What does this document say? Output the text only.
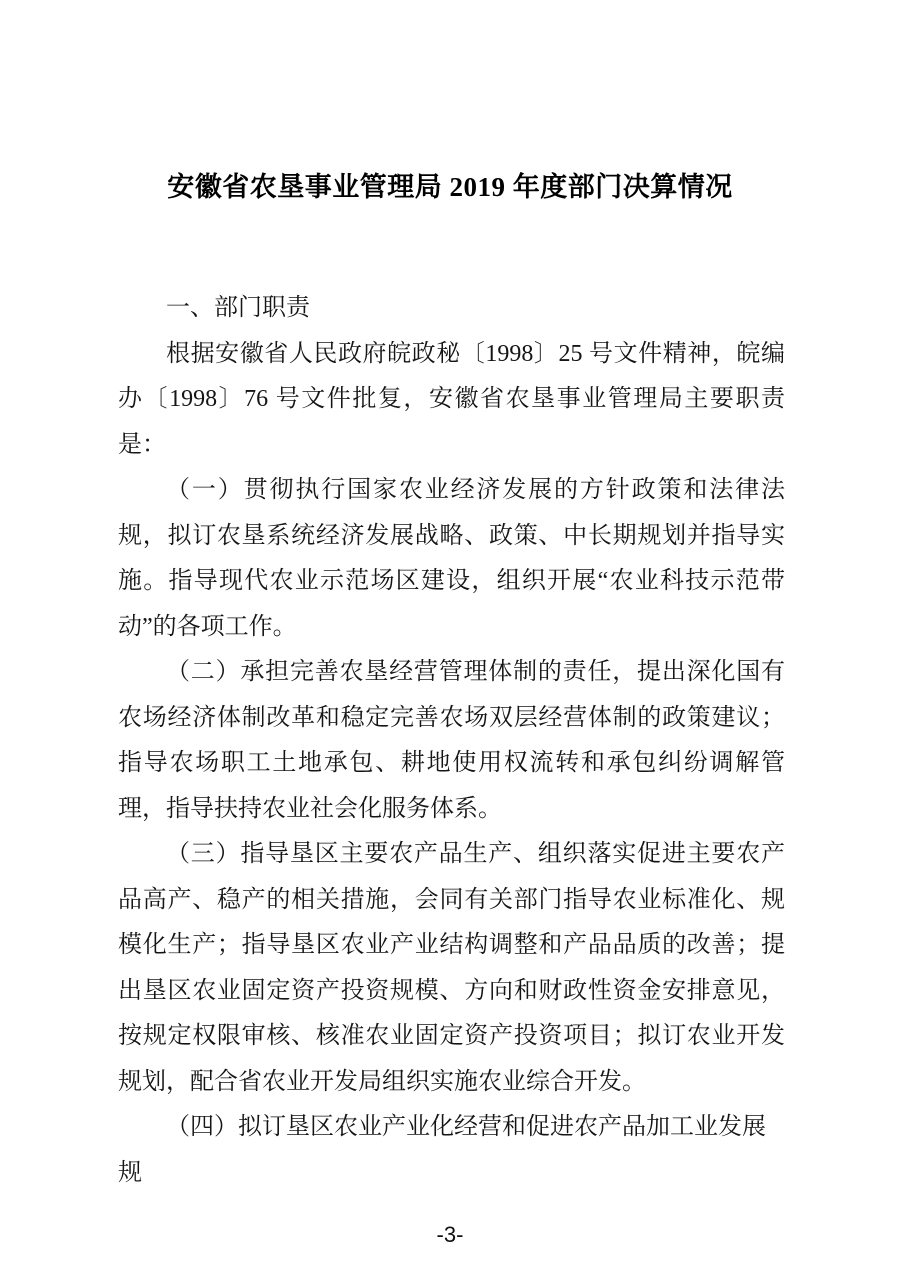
安徽省农垦事业管理局 2019 年度部门决算情况

一、部门职责

根据安徽省人民政府皖政秘〔1998〕25 号文件精神，皖编办〔1998〕76 号文件批复，安徽省农垦事业管理局主要职责是：

（一）贯彻执行国家农业经济发展的方针政策和法律法规，拟订农垦系统经济发展战略、政策、中长期规划并指导实施。指导现代农业示范场区建设，组织开展“农业科技示范带动”的各项工作。

（二）承担完善农垦经营管理体制的责任，提出深化国有农场经济体制改革和稳定完善农场双层经营体制的政策建议；指导农场职工土地承包、耕地使用权流转和承包纠纷调解管理，指导扶持农业社会化服务体系。

（三）指导垦区主要农产品生产、组织落实促进主要农产品高产、稳产的相关措施，会同有关部门指导农业标准化、规模化生产；指导垦区农业产业结构调整和产品品质的改善；提出垦区农业固定资产投资规模、方向和财政性资金安排意见，按规定权限审核、核准农业固定资产投资项目；拟订农业开发规划，配合省农业开发局组织实施农业综合开发。

（四）拟订垦区农业产业化经营和促进农产品加工业发展规

-3-
